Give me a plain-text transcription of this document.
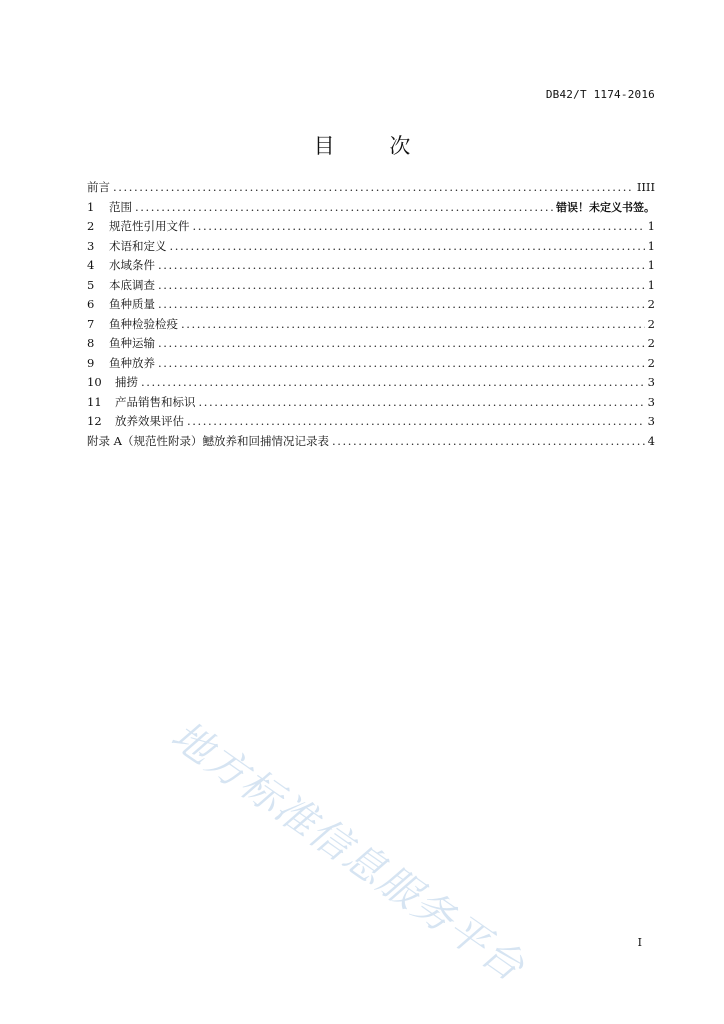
DB42/T 1174-2016
目 次
前言 .....	IIII
1	范围 .....	错误！未定义书签。
2	规范性引用文件 .....	1
3	术语和定义 .....	1
4	水域条件 .....	1
5	本底调查 .....	1
6	鱼种质量 .....	2
7	鱼种检验检疫 .....	2
8	鱼种运输 .....	2
9	鱼种放养 .....	2
10	捕捞 .....	3
11	产品销售和标识 .....	3
12	放养效果评估 .....	3
附录 A（规范性附录）鳡放养和回捕情况记录表 .....	4
地方标准信息服务平台	I
